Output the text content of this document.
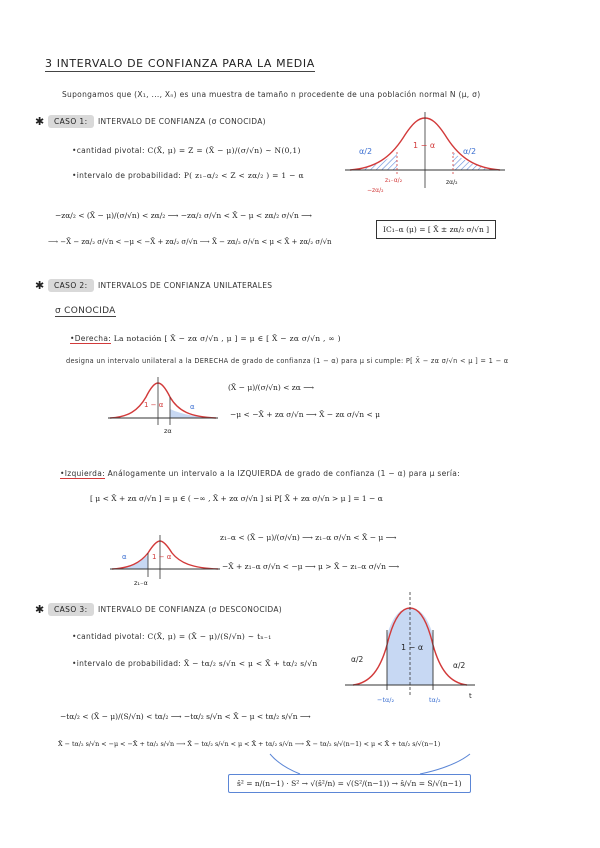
3 INTERVALO DE CONFIANZA PARA LA MEDIA
Supongamos que (X₁, ..., Xₙ) es una muestra de tamaño n procedente de una población normal N (μ, σ)
✱	CASO 1:	INTERVALO DE CONFIANZA (σ CONOCIDA)
•cantidad pivotal: C(X̄, μ) = Z = (X̄ − μ)/(σ/√n) ~ N(0,1)
•intervalo de probabilidad: P( z₁₋α/₂ < Z < zα/₂ ) = 1 − α
α/2	α/2
1 − α
z₁₋α/₂
−zα/₂
zα/₂
−zα/₂ < (X̄ − μ)/(σ/√n) < zα/₂ ⟶ −zα/₂ σ/√n < X̄ − μ < zα/₂ σ/√n ⟶
⟶ −X̄ − zα/₂ σ/√n < −μ < −X̄ + zα/₂ σ/√n ⟶ X̄ − zα/₂ σ/√n < μ < X̄ + zα/₂ σ/√n
IC₁₋α (μ) = [ X̄ ± zα/₂ σ/√n ]
✱	CASO 2:	INTERVALOS DE CONFIANZA UNILATERALES
σ CONOCIDA
•Derecha: La notación [ X̄ − zα σ/√n , μ ] = μ ∈ [ X̄ − zα σ/√n , ∞ )
designa un intervalo unilateral a la DERECHA de grado de confianza (1 − α) para μ si cumple: P[ X̄ − zα σ/√n < μ ] = 1 − α
1 − α	α
zα
(X̄ − μ)/(σ/√n) < zα ⟶
−μ < −X̄ + zα σ/√n ⟶ X̄ − zα σ/√n < μ
•Izquierda: Análogamente un intervalo a la IZQUIERDA de grado de confianza (1 − α) para μ sería:
[ μ < X̄ + zα σ/√n ] = μ ∈ ( −∞ , X̄ + zα σ/√n ] si P[ X̄ + zα σ/√n > μ ] = 1 − α
α	1 − α
z₁₋α
z₁₋α < (X̄ − μ)/(σ/√n) ⟶ z₁₋α σ/√n < X̄ − μ ⟶
−X̄ + z₁₋α σ/√n < −μ ⟶ μ > X̄ − z₁₋α σ/√n ⟶
✱	CASO 3:	INTERVALO DE CONFIANZA (σ DESCONOCIDA)
•cantidad pivotal: C(X̄, μ) = (X̄ − μ)/(S/√n) ~ tₙ₋₁
•intervalo de probabilidad: X̄ − tα/₂ s/√n < μ < X̄ + tα/₂ s/√n
1 − α
α/2
α/2
−tα/₂	tα/₂	t
−tα/₂ < (X̄ − μ)/(S/√n) < tα/₂ ⟶ −tα/₂ s/√n < X̄ − μ < tα/₂ s/√n ⟶
X̄ − tα/₂ s/√n < −μ < −X̄ + tα/₂ s/√n ⟶ X̄ − tα/₂ s/√n < μ < X̄ + tα/₂ s/√n ⟶ X̄ − tα/₂ s/√(n−1) < μ < X̄ + tα/₂ s/√(n−1)
ŝ² = n/(n−1) · S² → √(ŝ²/n) = √(S²/(n−1)) → ŝ/√n = S/√(n−1)
